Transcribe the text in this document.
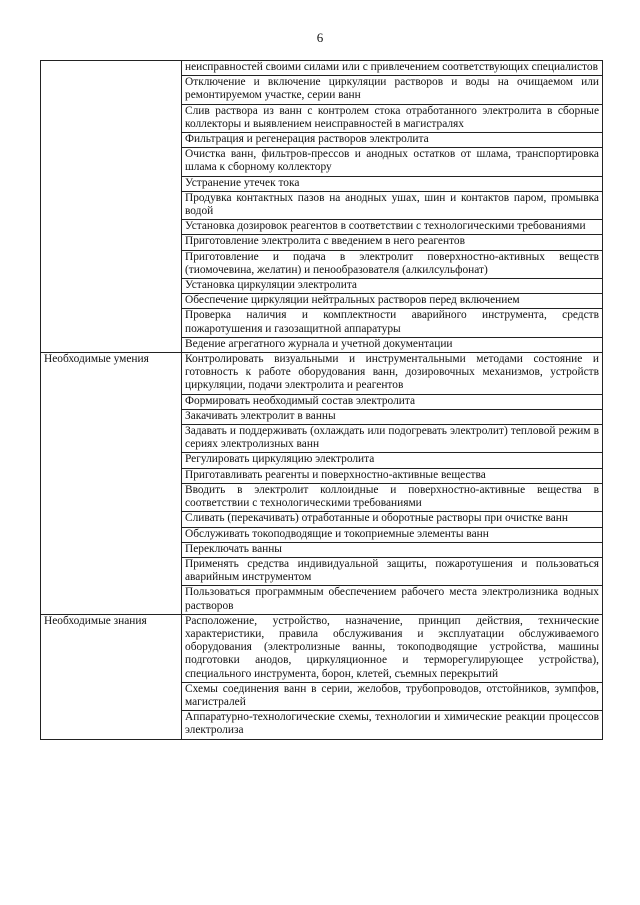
6
	неисправностей своими силами или с привлечением соответствующих специалистов
	Отключение и включение циркуляции растворов и воды на очищаемом или ремонтируемом участке, серии ванн
	Слив раствора из ванн с контролем стока отработанного электролита в сборные коллекторы и выявлением неисправностей в магистралях
	Фильтрация и регенерация растворов электролита
	Очистка ванн, фильтров-прессов и анодных остатков от шлама, транспортировка шлама к сборному коллектору
	Устранение утечек тока
	Продувка контактных пазов на анодных ушах, шин и контактов паром, промывка водой
	Установка дозировок реагентов в соответствии с технологическими требованиями
	Приготовление электролита с введением в него реагентов
	Приготовление и подача в электролит поверхностно-активных веществ (тиомочевина, желатин) и пенообразователя (алкилсульфонат)
	Установка циркуляции электролита
	Обеспечение циркуляции нейтральных растворов перед включением
	Проверка наличия и комплектности аварийного инструмента, средств пожаротушения и газозащитной аппаратуры
	Ведение агрегатного журнала и учетной документации
Необходимые умения	Контролировать визуальными и инструментальными методами состояние и готовность к работе оборудования ванн, дозировочных механизмов, устройств циркуляции, подачи электролита и реагентов
	Формировать необходимый состав электролита
	Закачивать электролит в ванны
	Задавать и поддерживать (охлаждать или подогревать электролит) тепловой режим в сериях электролизных ванн
	Регулировать циркуляцию электролита
	Приготавливать реагенты и поверхностно-активные вещества
	Вводить в электролит коллоидные и поверхностно-активные вещества в соответствии с технологическими требованиями
	Сливать (перекачивать) отработанные и оборотные растворы при очистке ванн
	Обслуживать токоподводящие и токоприемные элементы ванн
	Переключать ванны
	Применять средства индивидуальной защиты, пожаротушения и пользоваться аварийным инструментом
	Пользоваться программным обеспечением рабочего места электролизника водных растворов
Необходимые знания	Расположение, устройство, назначение, принцип действия, технические характеристики, правила обслуживания и эксплуатации обслуживаемого оборудования (электролизные ванны, токоподводящие устройства, машины подготовки анодов, циркуляционное и терморегулирующее устройства), специального инструмента, борон, клетей, съемных перекрытий
	Схемы соединения ванн в серии, желобов, трубопроводов, отстойников, зумпфов, магистралей
	Аппаратурно-технологические схемы, технологии и химические реакции процессов электролиза
